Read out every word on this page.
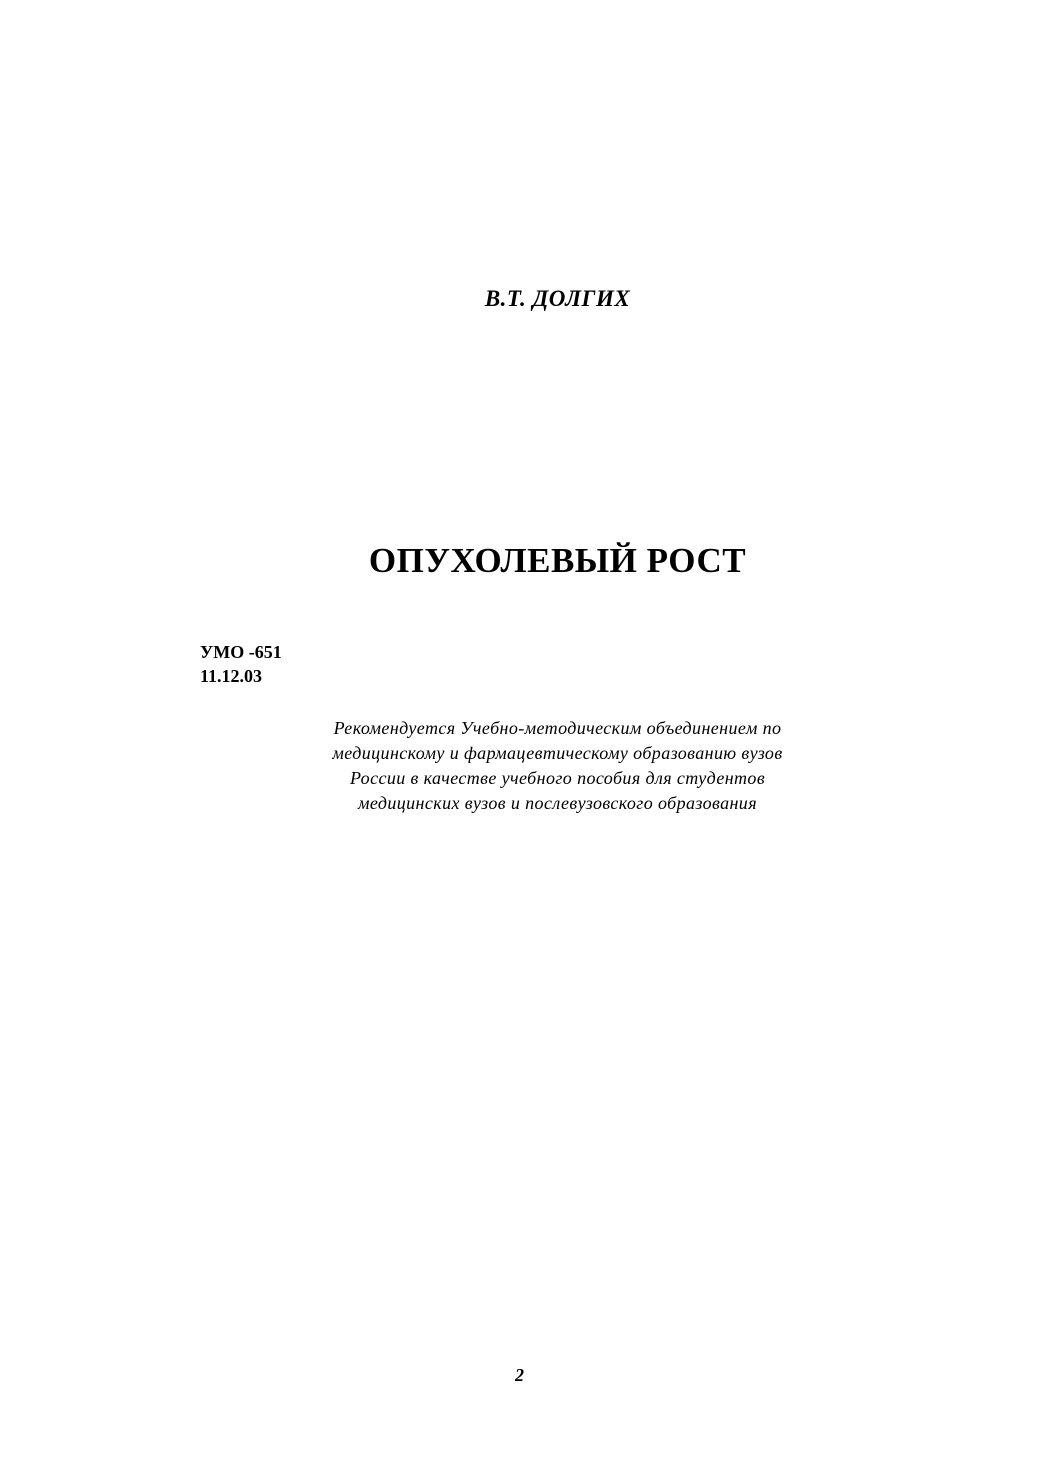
В.Т. ДОЛГИХ
ОПУХОЛЕВЫЙ РОСТ
УМО -651
11.12.03
Рекомендуется Учебно-методическим объединением по
медицинскому и фармацевтическому образованию вузов
России в качестве учебного пособия для студентов
медицинских вузов и послевузовского образования
2
